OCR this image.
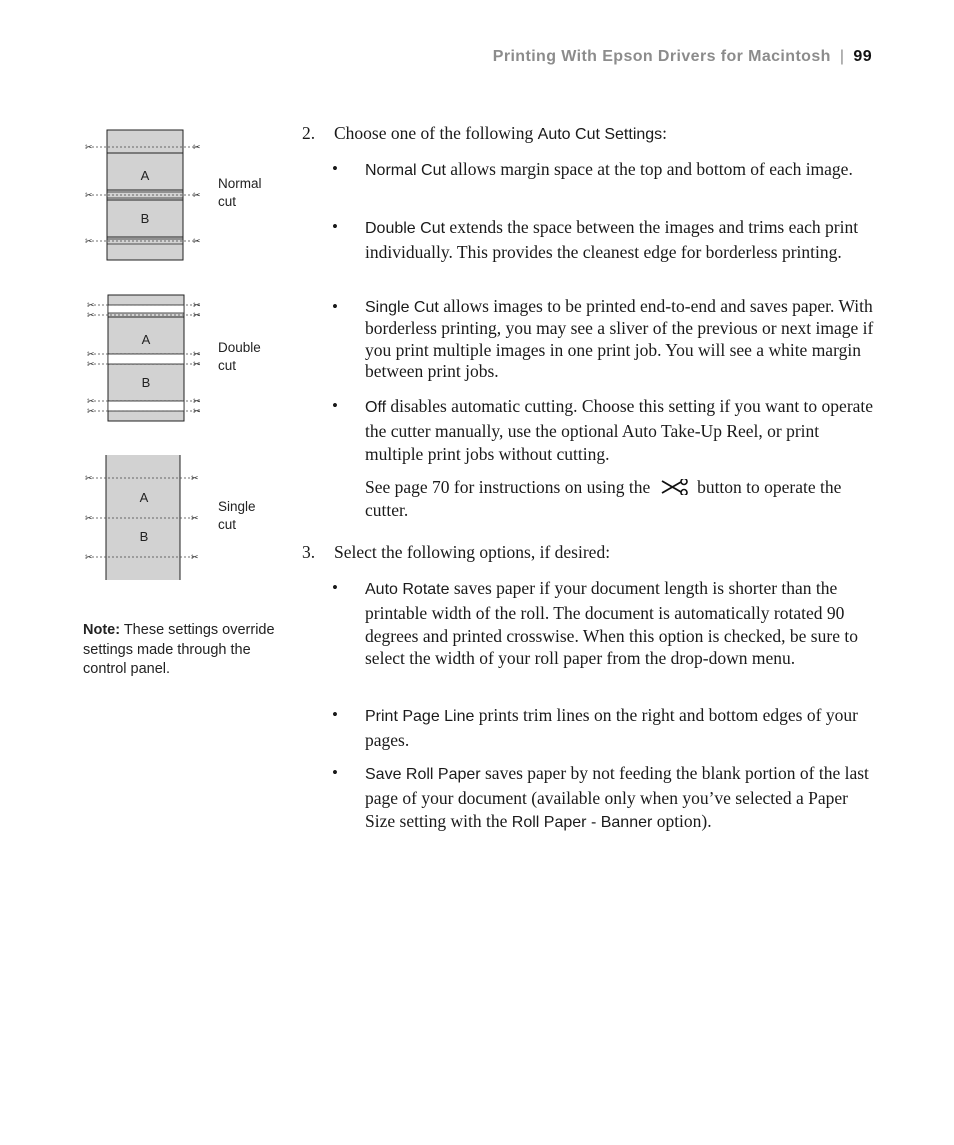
Printing With Epson Drivers for Macintosh | 99
✂	✂
✂	✂
✂	✂
A
B
Normal
cut
✂	✂
✂	✂
✂	✂
✂	✂
✂	✂
✂	✂
A
B
Double
cut
✂	✂
✂	✂
✂	✂
A
B
Single
cut
Note: These settings override settings made through the control panel.
2. Choose one of the following Auto Cut Settings:
• Normal Cut allows margin space at the top and bottom of each image.
• Double Cut extends the space between the images and trims each print individually. This provides the cleanest edge for borderless printing.
• Single Cut allows images to be printed end-to-end and saves paper. With borderless printing, you may see a sliver of the previous or next image if you print multiple images in one print job. You will see a white margin between print jobs.
• Off disables automatic cutting. Choose this setting if you want to operate the cutter manually, use the optional Auto Take-Up Reel, or print multiple print jobs without cutting.
See page 70 for instructions on using the  button to operate the cutter.
3. Select the following options, if desired:
• Auto Rotate saves paper if your document length is shorter than the printable width of the roll. The document is automatically rotated 90 degrees and printed crosswise. When this option is checked, be sure to select the width of your roll paper from the drop-down menu.
• Print Page Line prints trim lines on the right and bottom edges of your pages.
• Save Roll Paper saves paper by not feeding the blank portion of the last page of your document (available only when you’ve selected a Paper Size setting with the Roll Paper - Banner option).
